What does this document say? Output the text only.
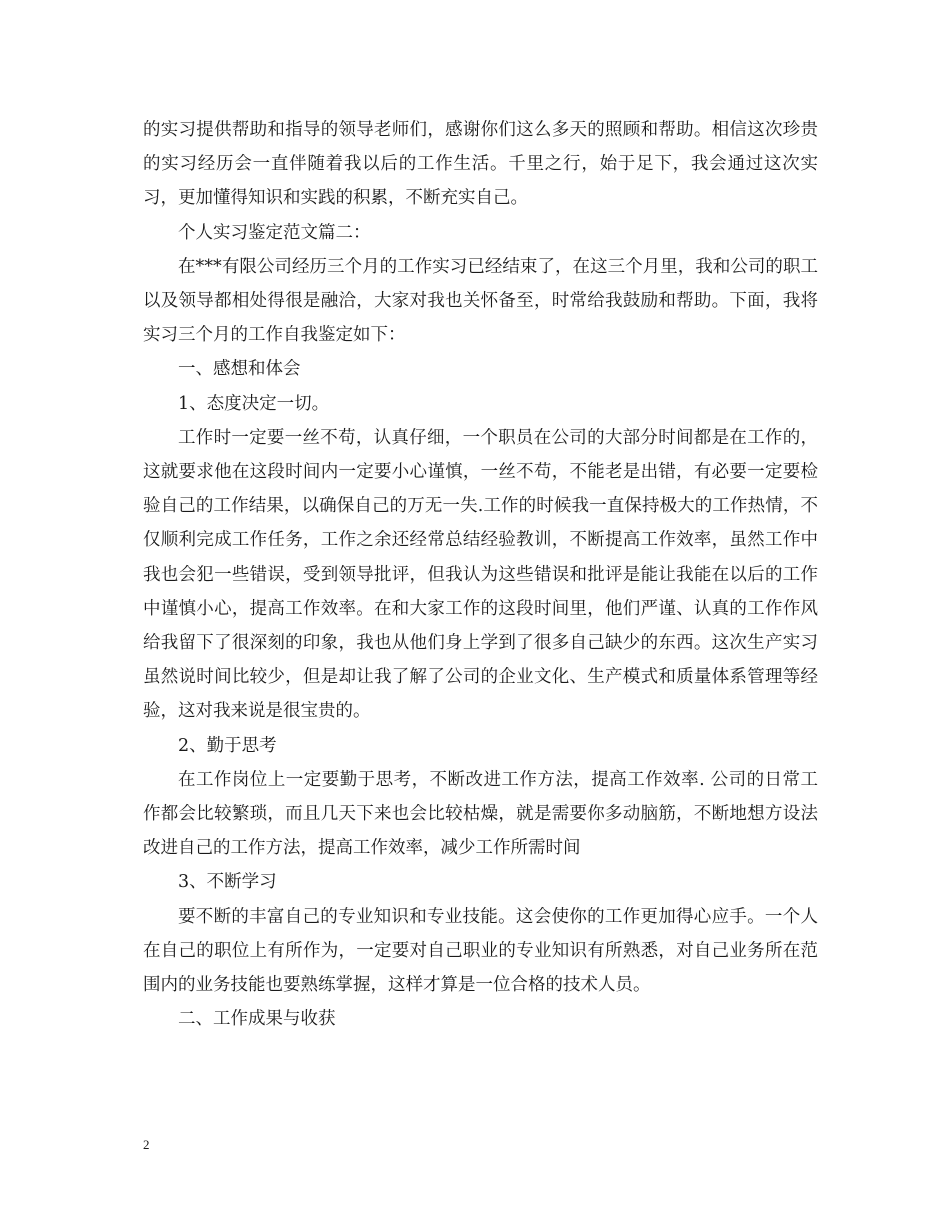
的实习提供帮助和指导的领导老师们，感谢你们这么多天的照顾和帮助。相信这次珍贵的实习经历会一直伴随着我以后的工作生活。千里之行，始于足下，我会通过这次实习，更加懂得知识和实践的积累，不断充实自己。

个人实习鉴定范文篇二：

在***有限公司经历三个月的工作实习已经结束了，在这三个月里，我和公司的职工以及领导都相处得很是融洽，大家对我也关怀备至，时常给我鼓励和帮助。下面，我将实习三个月的工作自我鉴定如下：

一、感想和体会

1、态度决定一切。

工作时一定要一丝不苟，认真仔细，一个职员在公司的大部分时间都是在工作的，这就要求他在这段时间内一定要小心谨慎，一丝不苟，不能老是出错，有必要一定要检验自己的工作结果，以确保自己的万无一失.工作的时候我一直保持极大的工作热情，不仅顺利完成工作任务，工作之余还经常总结经验教训，不断提高工作效率，虽然工作中我也会犯一些错误，受到领导批评，但我认为这些错误和批评是能让我能在以后的工作中谨慎小心，提高工作效率。在和大家工作的这段时间里，他们严谨、认真的工作作风给我留下了很深刻的印象，我也从他们身上学到了很多自己缺少的东西。这次生产实习虽然说时间比较少，但是却让我了解了公司的企业文化、生产模式和质量体系管理等经验，这对我来说是很宝贵的。

2、勤于思考

在工作岗位上一定要勤于思考，不断改进工作方法，提高工作效率. 公司的日常工作都会比较繁琐，而且几天下来也会比较枯燥，就是需要你多动脑筋，不断地想方设法改进自己的工作方法，提高工作效率，减少工作所需时间

3、不断学习

要不断的丰富自己的专业知识和专业技能。这会使你的工作更加得心应手。一个人在自己的职位上有所作为，一定要对自己职业的专业知识有所熟悉，对自己业务所在范围内的业务技能也要熟练掌握，这样才算是一位合格的技术人员。

二、工作成果与收获

2
